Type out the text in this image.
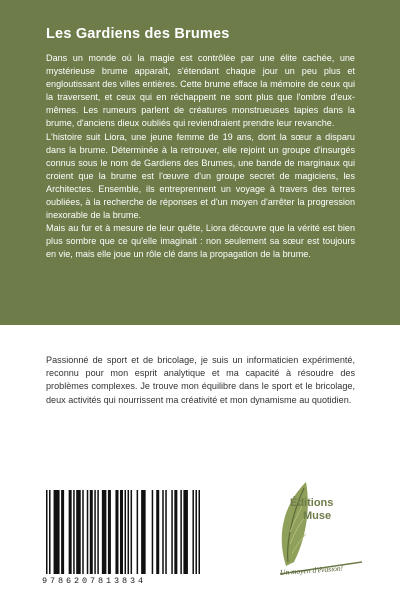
Les Gardiens des Brumes

Dans un monde où la magie est contrôlée par une élite cachée, une mystérieuse brume apparaît, s'étendant chaque jour un peu plus et engloutissant des villes entières. Cette brume efface la mémoire de ceux qui la traversent, et ceux qui en réchappent ne sont plus que l'ombre d'eux-mêmes. Les rumeurs parlent de créatures monstrueuses tapies dans la brume, d'anciens dieux oubliés qui reviendraient prendre leur revanche.

L'histoire suit Liora, une jeune femme de 19 ans, dont la sœur a disparu dans la brume. Déterminée à la retrouver, elle rejoint un groupe d'insurgés connus sous le nom de Gardiens des Brumes, une bande de marginaux qui croient que la brume est l'œuvre d'un groupe secret de magiciens, les Architectes. Ensemble, ils entreprennent un voyage à travers des terres oubliées, à la recherche de réponses et d'un moyen d'arrêter la progression inexorable de la brume.

Mais au fur et à mesure de leur quête, Liora découvre que la vérité est bien plus sombre que ce qu'elle imaginait : non seulement sa sœur est toujours en vie, mais elle joue un rôle clé dans la propagation de la brume.

Passionné de sport et de bricolage, je suis un informaticien expérimenté, reconnu pour mon esprit analytique et ma capacité à résoudre des problèmes complexes. Je trouve mon équilibre dans le sport et le bricolage, deux activités qui nourrissent ma créativité et mon dynamisme au quotidien.

9786207813834
Éditions
Muse
Un moyen d'évasion!
